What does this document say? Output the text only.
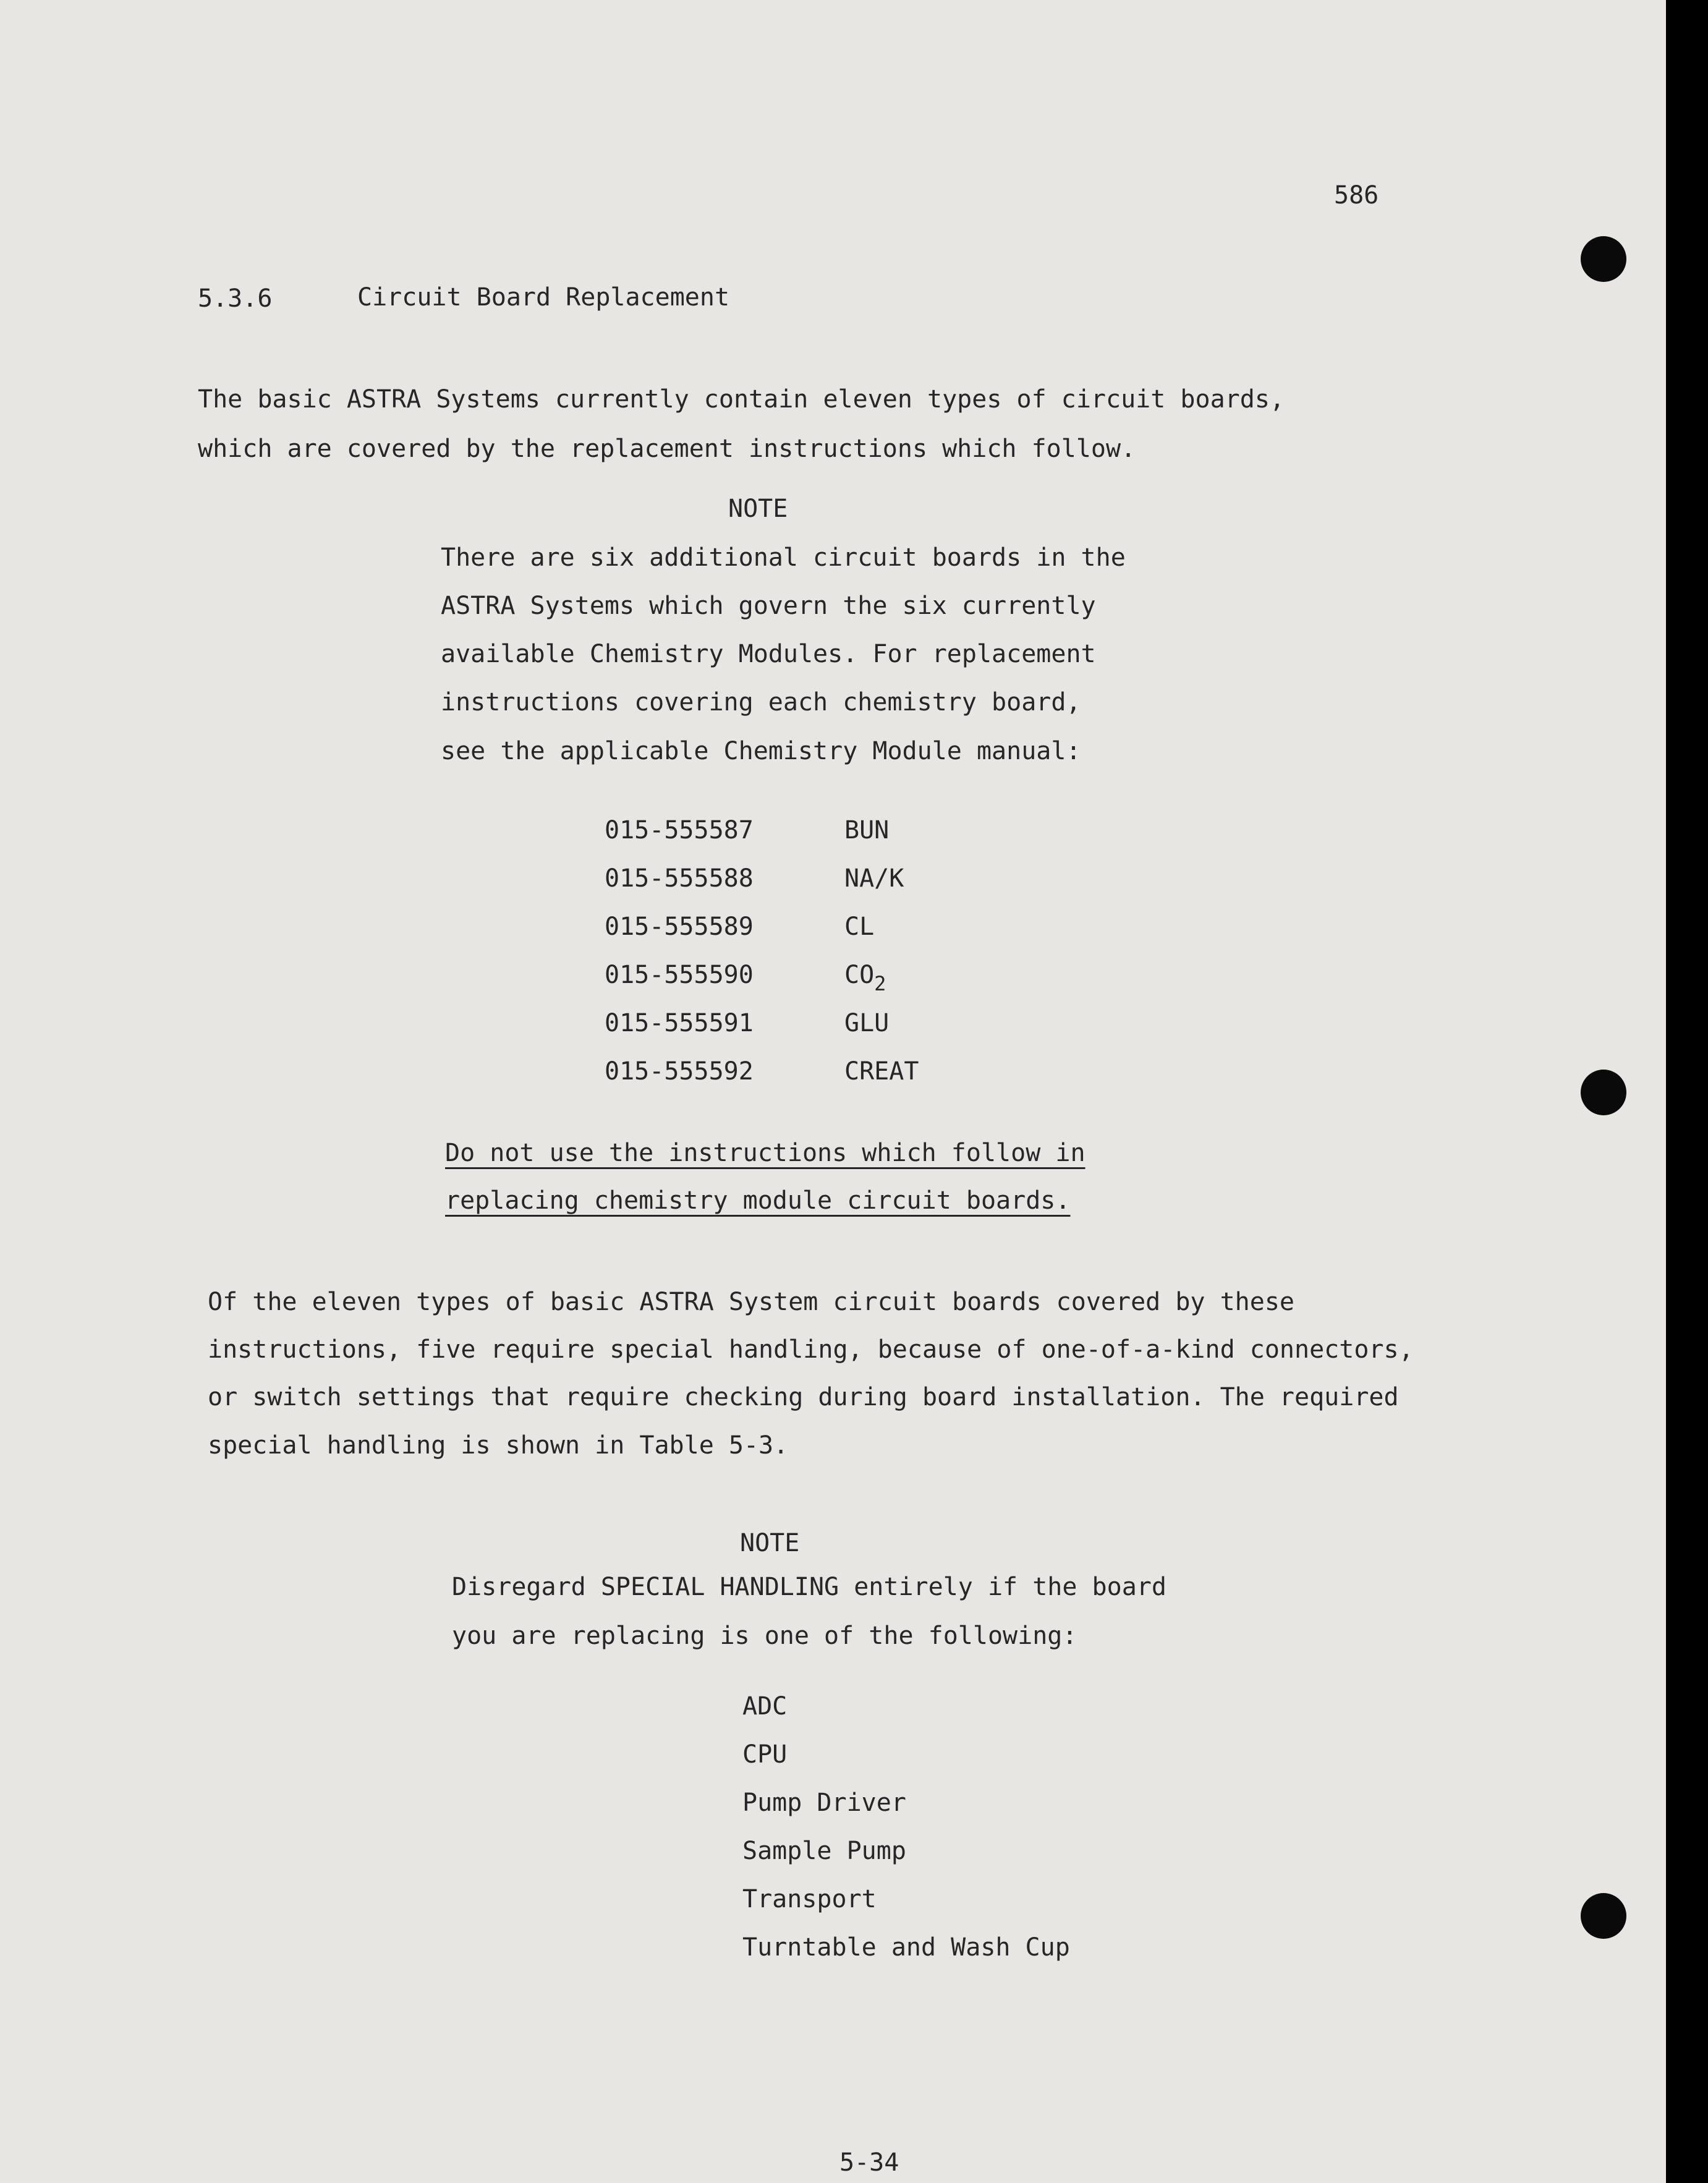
586
5.3.6	Circuit Board Replacement
The basic ASTRA Systems currently contain eleven types of circuit boards,
which are covered by the replacement instructions which follow.
NOTE
There are six additional circuit boards in the
ASTRA Systems which govern the six currently
available Chemistry Modules. For replacement
instructions covering each chemistry board,
see the applicable Chemistry Module manual:
015-555587	BUN
015-555588	NA/K
015-555589	CL
015-555590	$CO_2$
015-555591	GLU
015-555592	CREAT
Do not use the instructions which follow in
replacing chemistry module circuit boards.
Of the eleven types of basic ASTRA System circuit boards covered by these
instructions, five require special handling, because of one-of-a-kind connectors,
or switch settings that require checking during board installation. The required
special handling is shown in Table 5-3.
NOTE
Disregard SPECIAL HANDLING entirely if the board
you are replacing is one of the following:
ADC
CPU
Pump Driver
Sample Pump
Transport
Turntable and Wash Cup
5-34
